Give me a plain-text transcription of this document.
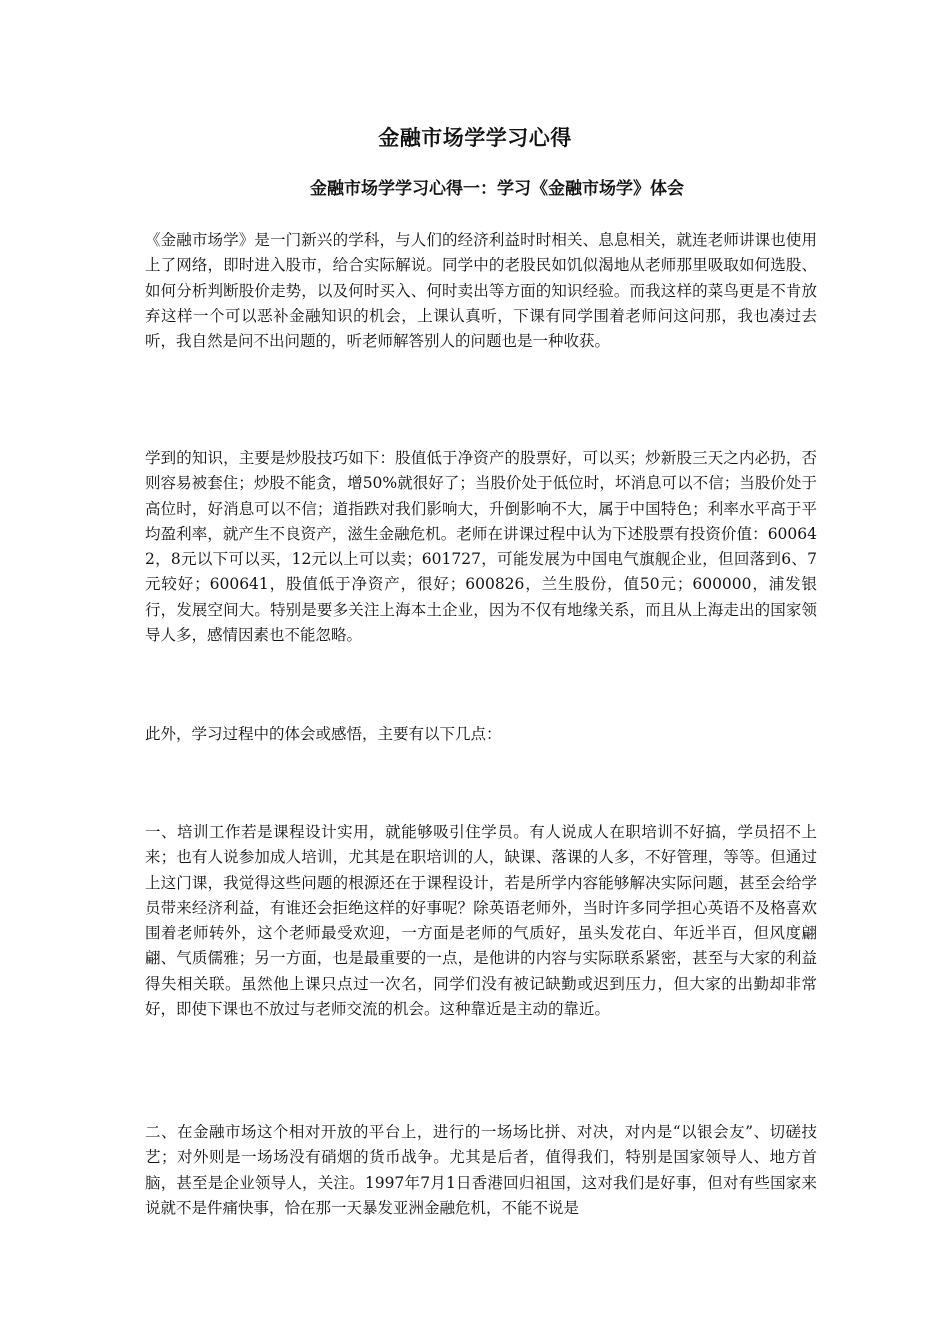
金融市场学学习心得
金融市场学学习心得一：学习《金融市场学》体会

《金融市场学》是一门新兴的学科，与人们的经济利益时时相关、息息相关，就连老师讲课也使用上了网络，即时进入股市，给合实际解说。同学中的老股民如饥似渴地从老师那里吸取如何选股、如何分析判断股价走势，以及何时买入、何时卖出等方面的知识经验。而我这样的菜鸟更是不肯放弃这样一个可以恶补金融知识的机会，上课认真听，下课有同学围着老师问这问那，我也凑过去听，我自然是问不出问题的，听老师解答别人的问题也是一种收获。

学到的知识，主要是炒股技巧如下：股值低于净资产的股票好，可以买；炒新股三天之内必扔，否则容易被套住；炒股不能贪，增50%就很好了；当股价处于低位时，坏消息可以不信；当股价处于高位时，好消息可以不信；道指跌对我们影响大，升倒影响不大，属于中国特色；利率水平高于平均盈利率，就产生不良资产，滋生金融危机。老师在讲课过程中认为下述股票有投资价值：600642，8元以下可以买，12元以上可以卖；601727，可能发展为中国电气旗舰企业，但回落到6、7元较好；600641，股值低于净资产，很好；600826，兰生股份，值50元；600000，浦发银行，发展空间大。特别是要多关注上海本土企业，因为不仅有地缘关系，而且从上海走出的国家领导人多，感情因素也不能忽略。

此外，学习过程中的体会或感悟，主要有以下几点：

一、培训工作若是课程设计实用，就能够吸引住学员。有人说成人在职培训不好搞，学员招不上来；也有人说参加成人培训，尤其是在职培训的人，缺课、落课的人多，不好管理，等等。但通过上这门课，我觉得这些问题的根源还在于课程设计，若是所学内容能够解决实际问题，甚至会给学员带来经济利益，有谁还会拒绝这样的好事呢？除英语老师外，当时许多同学担心英语不及格喜欢围着老师转外，这个老师最受欢迎，一方面是老师的气质好，虽头发花白、年近半百，但风度翩翩、气质儒雅；另一方面，也是最重要的一点，是他讲的内容与实际联系紧密，甚至与大家的利益得失相关联。虽然他上课只点过一次名，同学们没有被记缺勤或迟到压力，但大家的出勤却非常好，即使下课也不放过与老师交流的机会。这种靠近是主动的靠近。

二、在金融市场这个相对开放的平台上，进行的一场场比拼、对决，对内是“以银会友”、切磋技艺；对外则是一场场没有硝烟的货币战争。尤其是后者，值得我们，特别是国家领导人、地方首脑，甚至是企业领导人，关注。1997年7月1日香港回归祖国，这对我们是好事，但对有些国家来说就不是件痛快事，恰在那一天暴发亚洲金融危机，不能不说是
